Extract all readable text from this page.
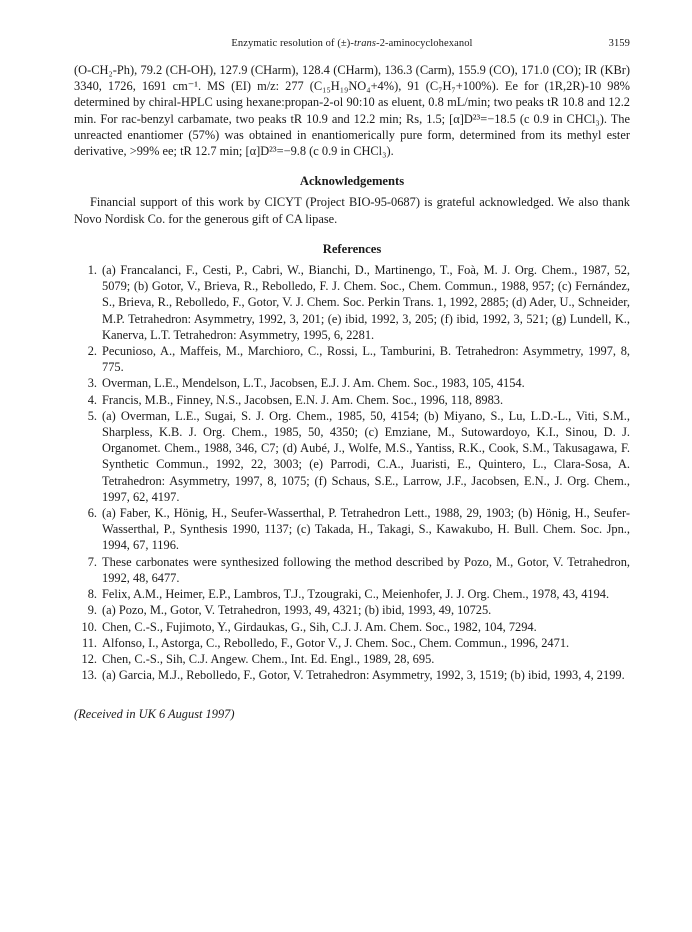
Enzymatic resolution of (±)-trans-2-aminocyclohexanol	3159

(O-CH₂-Ph), 79.2 (CH-OH), 127.9 (CHarm), 128.4 (CHarm), 136.3 (Carm), 155.9 (CO), 171.0 (CO); IR (KBr) 3340, 1726, 1691 cm⁻¹. MS (EI) m/z: 277 (C₁₅H₁₉NO₄+4%), 91 (C₇H₇+100%). Ee for (1R,2R)-10 98% determined by chiral-HPLC using hexane:propan-2-ol 90:10 as eluent, 0.8 mL/min; two peaks tR 10.8 and 12.2 min. For rac-benzyl carbamate, two peaks tR 10.9 and 12.2 min; Rs, 1.5; [α]D²³=−18.5 (c 0.9 in CHCl₃). The unreacted enantiomer (57%) was obtained in enantiomerically pure form, determined from its methyl ester derivative, >99% ee; tR 12.7 min; [α]D²³=−9.8 (c 0.9 in CHCl₃).

Acknowledgements

Financial support of this work by CICYT (Project BIO-95-0687) is grateful acknowledged. We also thank Novo Nordisk Co. for the generous gift of CA lipase.

References
1. (a) Francalanci, F., Cesti, P., Cabri, W., Bianchi, D., Martinengo, T., Foà, M. J. Org. Chem., 1987, 52, 5079; (b) Gotor, V., Brieva, R., Rebolledo, F. J. Chem. Soc., Chem. Commun., 1988, 957; (c) Fernández, S., Brieva, R., Rebolledo, F., Gotor, V. J. Chem. Soc. Perkin Trans. 1, 1992, 2885; (d) Ader, U., Schneider, M.P. Tetrahedron: Asymmetry, 1992, 3, 201; (e) ibid, 1992, 3, 205; (f) ibid, 1992, 3, 521; (g) Lundell, K., Kanerva, L.T. Tetrahedron: Asymmetry, 1995, 6, 2281.
2. Pecunioso, A., Maffeis, M., Marchioro, C., Rossi, L., Tamburini, B. Tetrahedron: Asymmetry, 1997, 8, 775.
3. Overman, L.E., Mendelson, L.T., Jacobsen, E.J. J. Am. Chem. Soc., 1983, 105, 4154.
4. Francis, M.B., Finney, N.S., Jacobsen, E.N. J. Am. Chem. Soc., 1996, 118, 8983.
5. (a) Overman, L.E., Sugai, S. J. Org. Chem., 1985, 50, 4154; (b) Miyano, S., Lu, L.D.-L., Viti, S.M., Sharpless, K.B. J. Org. Chem., 1985, 50, 4350; (c) Emziane, M., Sutowardoyo, K.I., Sinou, D. J. Organomet. Chem., 1988, 346, C7; (d) Aubé, J., Wolfe, M.S., Yantiss, R.K., Cook, S.M., Takusagawa, F. Synthetic Commun., 1992, 22, 3003; (e) Parrodi, C.A., Juaristi, E., Quintero, L., Clara-Sosa, A. Tetrahedron: Asymmetry, 1997, 8, 1075; (f) Schaus, S.E., Larrow, J.F., Jacobsen, E.N., J. Org. Chem., 1997, 62, 4197.
6. (a) Faber, K., Hönig, H., Seufer-Wasserthal, P. Tetrahedron Lett., 1988, 29, 1903; (b) Hönig, H., Seufer-Wasserthal, P., Synthesis 1990, 1137; (c) Takada, H., Takagi, S., Kawakubo, H. Bull. Chem. Soc. Jpn., 1994, 67, 1196.
7. These carbonates were synthesized following the method described by Pozo, M., Gotor, V. Tetrahedron, 1992, 48, 6477.
8. Felix, A.M., Heimer, E.P., Lambros, T.J., Tzougraki, C., Meienhofer, J. J. Org. Chem., 1978, 43, 4194.
9. (a) Pozo, M., Gotor, V. Tetrahedron, 1993, 49, 4321; (b) ibid, 1993, 49, 10725.
10. Chen, C.-S., Fujimoto, Y., Girdaukas, G., Sih, C.J. J. Am. Chem. Soc., 1982, 104, 7294.
11. Alfonso, I., Astorga, C., Rebolledo, F., Gotor V., J. Chem. Soc., Chem. Commun., 1996, 2471.
12. Chen, C.-S., Sih, C.J. Angew. Chem., Int. Ed. Engl., 1989, 28, 695.
13. (a) Garcia, M.J., Rebolledo, F., Gotor, V. Tetrahedron: Asymmetry, 1992, 3, 1519; (b) ibid, 1993, 4, 2199.
(Received in UK 6 August 1997)
